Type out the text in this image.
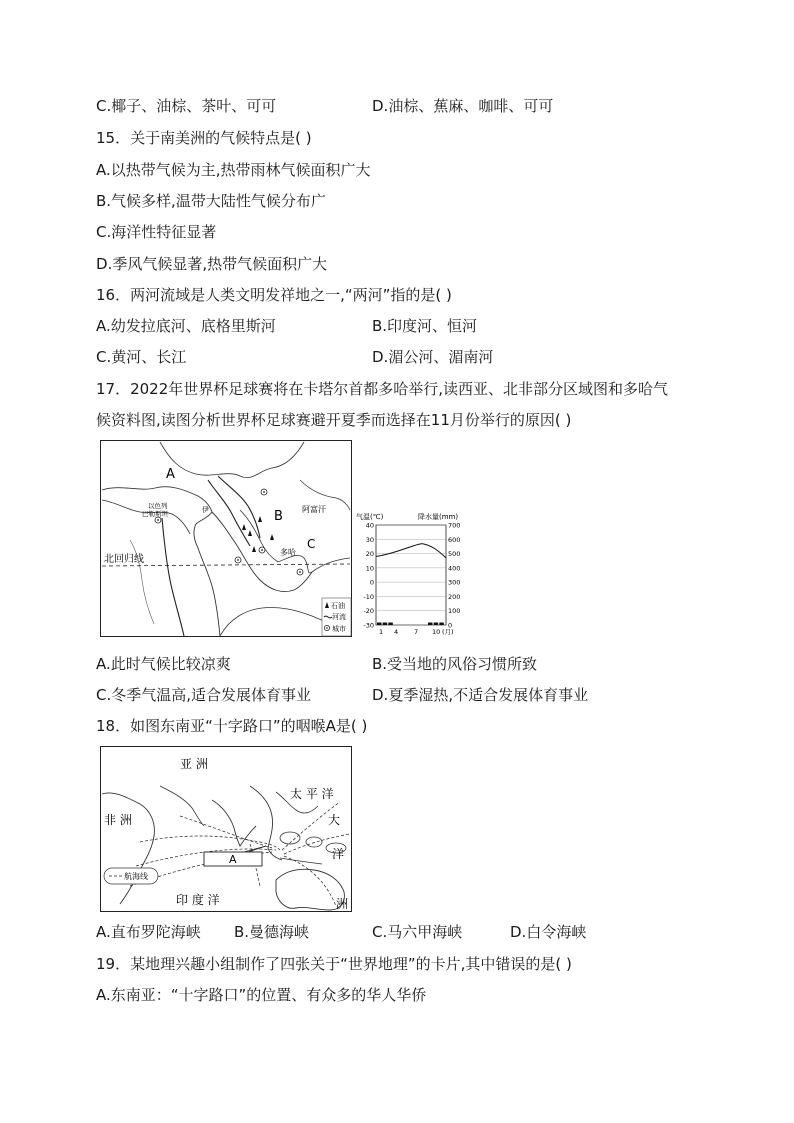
C.椰子、油棕、茶叶、可可	D.油棕、蕉麻、咖啡、可可
15．关于南美洲的气候特点是( )
A.以热带气候为主,热带雨林气候面积广大
B.气候多样,温带大陆性气候分布广
C.海洋性特征显著
D.季风气候显著,热带气候面积广大
16．两河流域是人类文明发祥地之一,“两河”指的是( )
A.幼发拉底河、底格里斯河	B.印度河、恒河
C.黄河、长江	D.湄公河、湄南河
17．2022年世界杯足球赛将在卡塔尔首都多哈举行,读西亚、北非部分区域图和多哈气
候资料图,读图分析世界杯足球赛避开夏季而选择在11月份举行的原因( )
A
B
C
阿富汗
以色列
巴勒斯坦
北回归线
多哈
伊
石油
河流
城市
气温(℃)	降水量(mm)
40
30
20
10
0
-10
-20
-30
700
600
500
400
300
200
100
0
1 4 7 10 (月)
A.此时气候比较凉爽	B.受当地的风俗习惯所致
C.冬季气温高,适合发展体育事业	D.夏季湿热,不适合发展体育事业
18．如图东南亚“十字路口”的咽喉A是( )
A
亚 洲
非 洲
太 平 洋
大
洋
洲
印 度 洋
航海线
A.直布罗陀海峡 B.曼德海峡	C.马六甲海峡	D.白令海峡
19．某地理兴趣小组制作了四张关于“世界地理”的卡片,其中错误的是( )
A.东南亚：“十字路口”的位置、有众多的华人华侨
